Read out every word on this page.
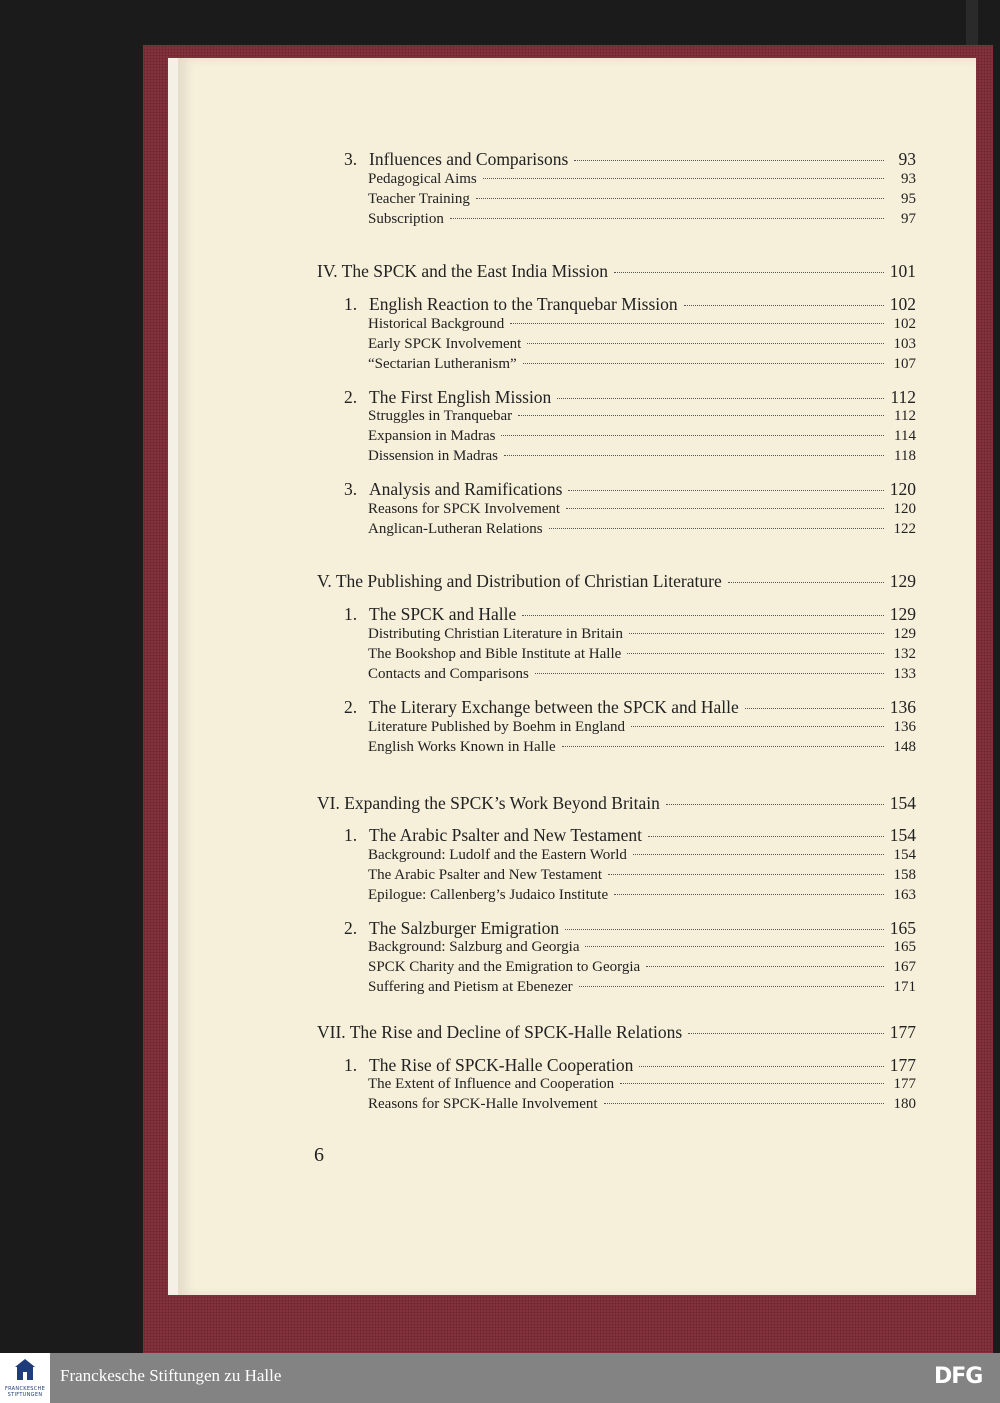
3. Influences and Comparisons	93
Pedagogical Aims	93
Teacher Training	95
Subscription	97
IV. The SPCK and the East India Mission	101
1. English Reaction to the Tranquebar Mission	102
Historical Background	102
Early SPCK Involvement	103
“Sectarian Lutheranism”	107
2. The First English Mission	112
Struggles in Tranquebar	112
Expansion in Madras	114
Dissension in Madras	118
3. Analysis and Ramifications	120
Reasons for SPCK Involvement	120
Anglican-Lutheran Relations	122
V. The Publishing and Distribution of Christian Literature	129
1. The SPCK and Halle	129
Distributing Christian Literature in Britain	129
The Bookshop and Bible Institute at Halle	132
Contacts and Comparisons	133
2. The Literary Exchange between the SPCK and Halle	136
Literature Published by Boehm in England	136
English Works Known in Halle	148
VI. Expanding the SPCK’s Work Beyond Britain	154
1. The Arabic Psalter and New Testament	154
Background: Ludolf and the Eastern World	154
The Arabic Psalter and New Testament	158
Epilogue: Callenberg’s Judaico Institute	163
2. The Salzburger Emigration	165
Background: Salzburg and Georgia	165
SPCK Charity and the Emigration to Georgia	167
Suffering and Pietism at Ebenezer	171
VII. The Rise and Decline of SPCK-Halle Relations	177
1. The Rise of SPCK-Halle Cooperation	177
The Extent of Influence and Cooperation	177
Reasons for SPCK-Halle Involvement	180
6
FRANCKESCHE STIFTUNGEN
Franckesche Stiftungen zu Halle	DFG
